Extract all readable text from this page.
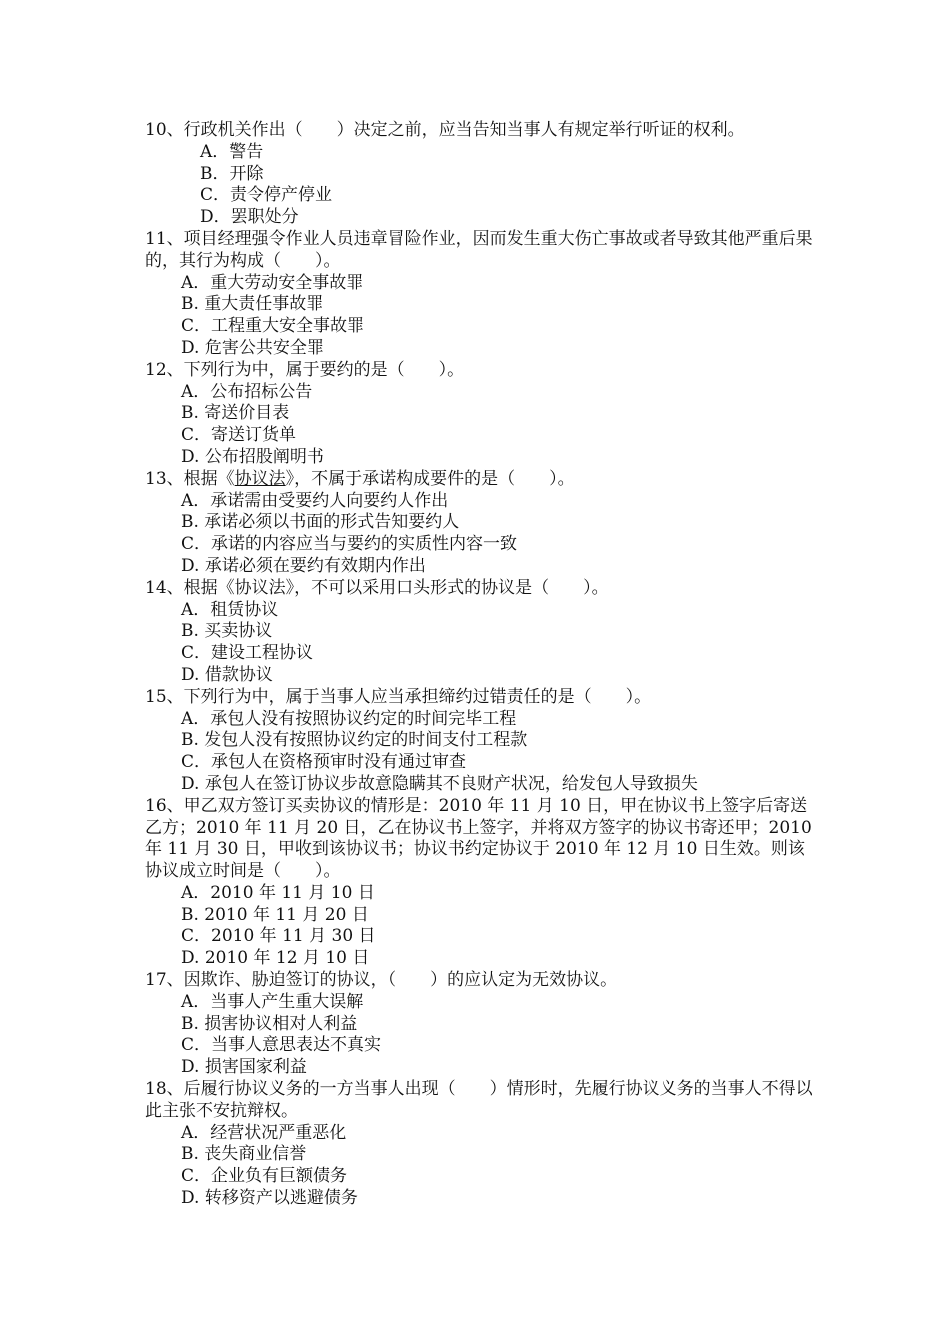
10、行政机关作出（　　）决定之前，应当告知当事人有规定举行听证的权利。

A．警告
B．开除
C．责令停产停业
D．罢职处分

11、项目经理强令作业人员违章冒险作业，因而发生重大伤亡事故或者导致其他严重后果的，其行为构成（　　）。

A．重大劳动安全事故罪
B. 重大责任事故罪
C．工程重大安全事故罪
D. 危害公共安全罪

12、下列行为中，属于要约的是（　　）。

A．公布招标公告
B. 寄送价目表
C．寄送订货单
D. 公布招股阐明书

13、根据《协议法》，不属于承诺构成要件的是（　　）。

A．承诺需由受要约人向要约人作出
B. 承诺必须以书面的形式告知要约人
C．承诺的内容应当与要约的实质性内容一致
D. 承诺必须在要约有效期内作出

14、根据《协议法》，不可以采用口头形式的协议是（　　）。

A．租赁协议
B. 买卖协议
C．建设工程协议
D. 借款协议

15、下列行为中，属于当事人应当承担缔约过错责任的是（　　）。

A．承包人没有按照协议约定的时间完毕工程
B. 发包人没有按照协议约定的时间支付工程款
C．承包人在资格预审时没有通过审查
D. 承包人在签订协议步故意隐瞒其不良财产状况，给发包人导致损失

16、甲乙双方签订买卖协议的情形是：2010 年 11 月 10 日，甲在协议书上签字后寄送乙方；2010 年 11 月 20 日，乙在协议书上签字，并将双方签字的协议书寄还甲；2010 年 11 月 30 日，甲收到该协议书；协议书约定协议于 2010 年 12 月 10 日生效。则该协议成立时间是（　　）。

A．2010 年 11 月 10 日
B. 2010 年 11 月 20 日
C．2010 年 11 月 30 日
D. 2010 年 12 月 10 日

17、因欺诈、胁迫签订的协议，（　　）的应认定为无效协议。

A．当事人产生重大误解
B. 损害协议相对人利益
C．当事人意思表达不真实
D. 损害国家利益

18、后履行协议义务的一方当事人出现（　　）情形时，先履行协议义务的当事人不得以此主张不安抗辩权。

A．经营状况严重恶化
B. 丧失商业信誉
C．企业负有巨额债务
D. 转移资产以逃避债务
